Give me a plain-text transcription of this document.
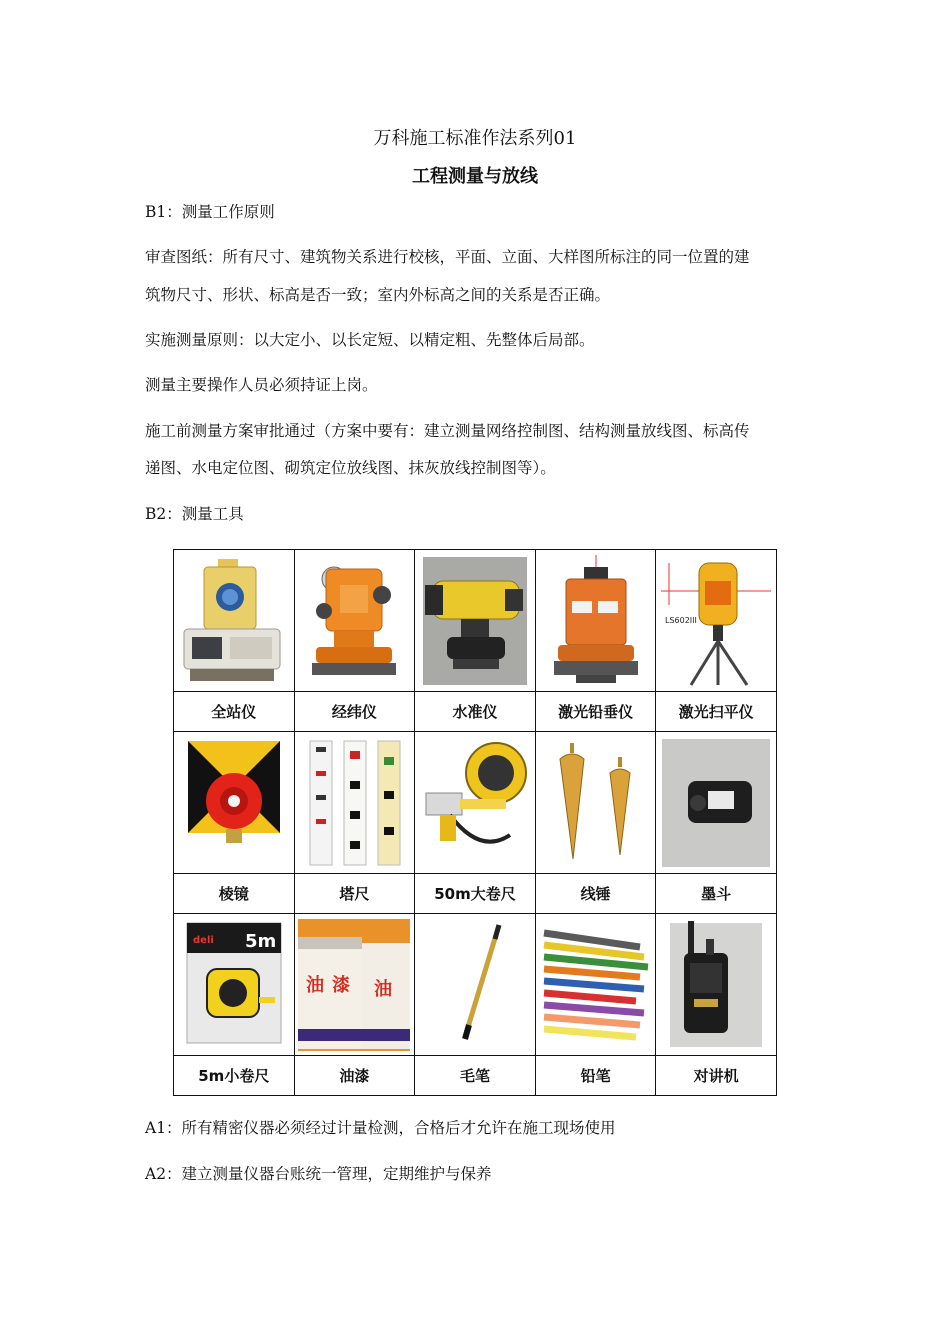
万科施工标准作法系列01
工程测量与放线
B1：测量工作原则
审查图纸：所有尺寸、建筑物关系进行校核，平面、立面、大样图所标注的同一位置的建
筑物尺寸、形状、标高是否一致；室内外标高之间的关系是否正确。
实施测量原则：以大定小、以长定短、以精定粗、先整体后局部。
测量主要操作人员必须持证上岗。
施工前测量方案审批通过（方案中要有：建立测量网络控制图、结构测量放线图、标高传
递图、水电定位图、砌筑定位放线图、抹灰放线控制图等）。
B2：测量工具

LS602III

全站仪	经纬仪	水准仪	激光铅垂仪	激光扫平仪

棱镜	塔尺	50m大卷尺	线锤	墨斗

deli 5m	油 漆 油

5m小卷尺	油漆	毛笔	铅笔	对讲机
A1：所有精密仪器必须经过计量检测，合格后才允许在施工现场使用
A2：建立测量仪器台账统一管理，定期维护与保养
